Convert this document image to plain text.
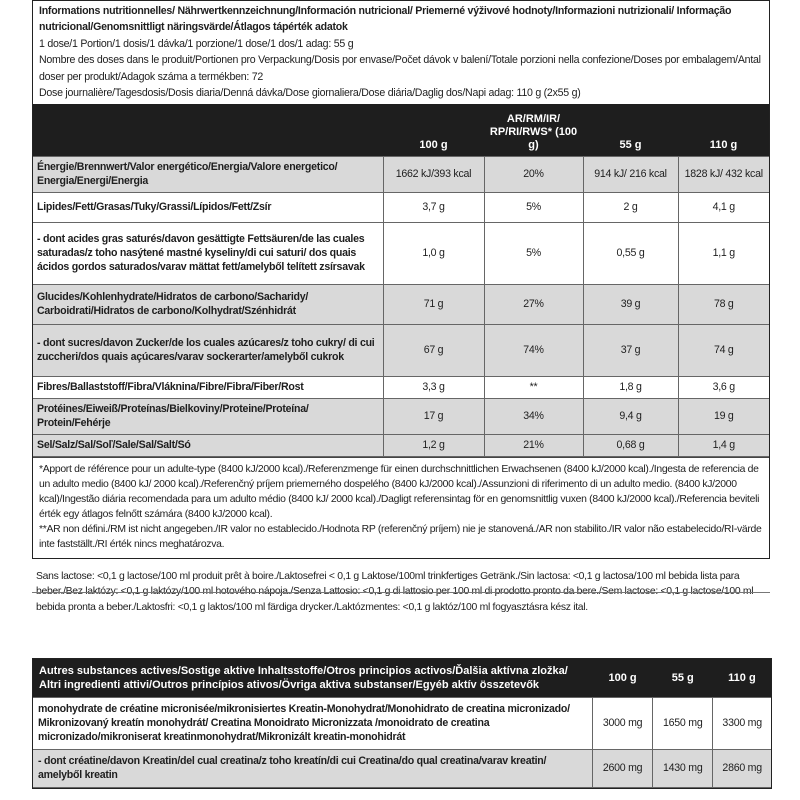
Informations nutritionnelles/ Nährwertkennzeichnung/Información nutricional/ Priemerné výživové hodnoty/Informazioni nutrizionali/ Informação nutricional/Genomsnittligt näringsvärde/Átlagos tápérték adatok
1 dose/1 Portion/1 dosis/1 dávka/1 porzione/1 dose/1 dos/1 adag: 55 g
Nombre des doses dans le produit/Portionen pro Verpackung/Dosis por envase/Počet dávok v balení/Totale porzioni nella confezione/Doses por embalagem/Antal doser per produkt/Adagok száma a termékben: 72
Dose journalière/Tagesdosis/Dosis diaria/Denná dávka/Dose giornaliera/Dose diária/Daglig dos/Napi adag: 110 g (2x55 g)
	100 g	AR/RM/IR/ RP/RI/RWS* (100 g)	55 g	110 g
Énergie/Brennwert/Valor energético/Energia/Valore energetico/ Energia/Energi/Energia	1662 kJ/393 kcal	20%	914 kJ/ 216 kcal	1828 kJ/ 432 kcal
Lipides/Fett/Grasas/Tuky/Grassi/Lípidos/Fett/Zsír	3,7 g	5%	2 g	4,1 g
- dont acides gras saturés/davon gesättigte Fettsäuren/de las cuales saturadas/z toho nasýtené mastné kyseliny/di cui saturi/ dos quais ácidos gordos saturados/varav mättat fett/amelyből telített zsírsavak	1,0 g	5%	0,55 g	1,1 g
Glucides/Kohlenhydrate/Hidratos de carbono/Sacharidy/ Carboidrati/Hidratos de carbono/Kolhydrat/Szénhidrát	71 g	27%	39 g	78 g
- dont sucres/davon Zucker/de los cuales azúcares/z toho cukry/ di cui zuccheri/dos quais açúcares/varav sockerarter/amelyből cukrok	67 g	74%	37 g	74 g
Fibres/Ballaststoff/Fibra/Vláknina/Fibre/Fibra/Fiber/Rost	3,3 g	**	1,8 g	3,6 g
Protéines/Eiweiß/Proteínas/Bielkoviny/Proteine/Proteína/ Protein/Fehérje	17 g	34%	9,4 g	19 g
Sel/Salz/Sal/Soľ/Sale/Sal/Salt/Só	1,2 g	21%	0,68 g	1,4 g

*Apport de référence pour un adulte-type (8400 kJ/2000 kcal)./Referenzmenge für einen durchschnittlichen Erwachsenen (8400 kJ/2000 kcal)./Ingesta de referencia de un adulto medio (8400 kJ/ 2000 kcal)./Referenčný príjem priemerného dospelého (8400 kJ/2000 kcal)./Assunzioni di riferimento di un adulto medio. (8400 kJ/2000 kcal)/Ingestão diária recomendada para um adulto médio (8400 kJ/ 2000 kcal)./Dagligt referensintag för en genomsnittlig vuxen (8400 kJ/2000 kcal)./Referencia beviteli érték egy átlagos felnőtt számára (8400 kJ/2000 kcal).

**AR non défini./RM ist nicht angegeben./IR valor no establecido./Hodnota RP (referenčný príjem) nie je stanovená./AR non stabilito./IR valor não estabelecido/RI-värde inte fastställt./RI érték nincs meghatározva.

Sans lactose: <0,1 g lactose/100 ml produit prêt à boire./Laktosefrei < 0,1 g Laktose/100ml trinkfertiges Getränk./Sin lactosa: <0,1 g lactosa/100 ml bebida lista para beber./Bez laktózy: <0,1 g laktózy/100 ml hotového nápoja./Senza Lattosio: <0,1 g di lattosio per 100 ml di prodotto pronto da bere./Sem lactose: <0,1 g lactose/100 ml bebida pronta a beber./Laktosfri: <0,1 g laktos/100 ml färdiga drycker./Laktózmentes: <0,1 g laktóz/100 ml fogyasztásra kész ital.
Autres substances actives/Sostige aktive Inhaltsstoffe/Otros principios activos/Ďalšia aktívna zložka/ Altri ingredienti attivi/Outros princípios ativos/Övriga aktiva substanser/Egyéb aktív összetevők	100 g	55 g	110 g
monohydrate de créatine micronisée/mikronisiertes Kreatin-Monohydrat/Monohidrato de creatina micronizado/ Mikronizovaný kreatín monohydrát/ Creatina Monoidrato Micronizzata /monoidrato de creatina micronizado/mikroniserat kreatinmonohydrat/Mikronizált kreatin-monohidrát	3000 mg	1650 mg	3300 mg
- dont créatine/davon Kreatin/del cual creatina/z toho kreatín/di cui Creatina/do qual creatina/varav kreatin/ amelyből kreatin	2600 mg	1430 mg	2860 mg
